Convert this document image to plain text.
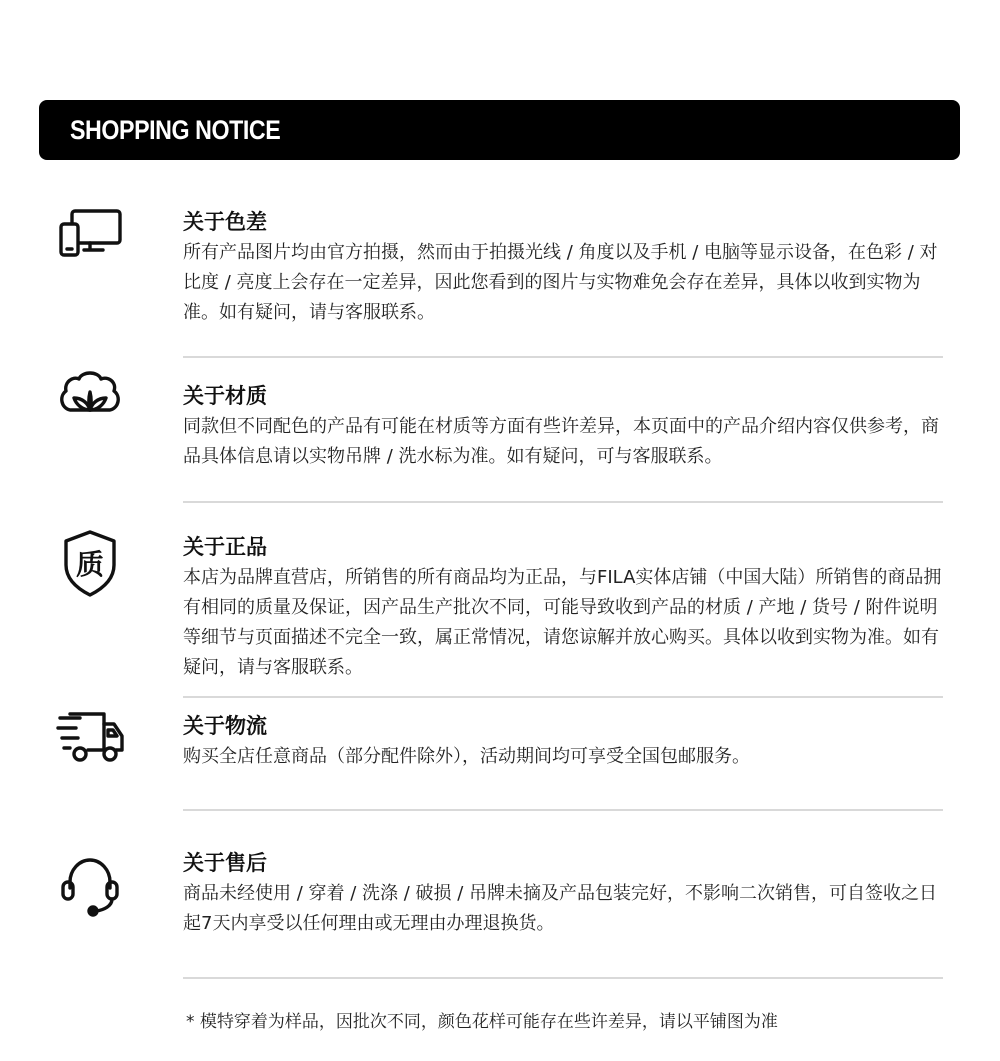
SHOPPING NOTICE
关于色差
所有产品图片均由官方拍摄，然而由于拍摄光线 / 角度以及手机 / 电脑等显示设备，在色彩 / 对比度 / 亮度上会存在一定差异，因此您看到的图片与实物难免会存在差异，具体以收到实物为准。如有疑问，请与客服联系。
关于材质
同款但不同配色的产品有可能在材质等方面有些许差异，本页面中的产品介绍内容仅供参考，商品具体信息请以实物吊牌 / 洗水标为准。如有疑问，可与客服联系。
质
关于正品
本店为品牌直营店，所销售的所有商品均为正品，与FILA实体店铺（中国大陆）所销售的商品拥有相同的质量及保证，因产品生产批次不同，可能导致收到产品的材质 / 产地 / 货号 / 附件说明等细节与页面描述不完全一致，属正常情况，请您谅解并放心购买。具体以收到实物为准。如有疑问，请与客服联系。
关于物流
购买全店任意商品（部分配件除外），活动期间均可享受全国包邮服务。
关于售后
商品未经使用 / 穿着 / 洗涤 / 破损 / 吊牌未摘及产品包装完好，不影响二次销售，可自签收之日起7天内享受以任何理由或无理由办理退换货。
* 模特穿着为样品，因批次不同，颜色花样可能存在些许差异，请以平铺图为准
